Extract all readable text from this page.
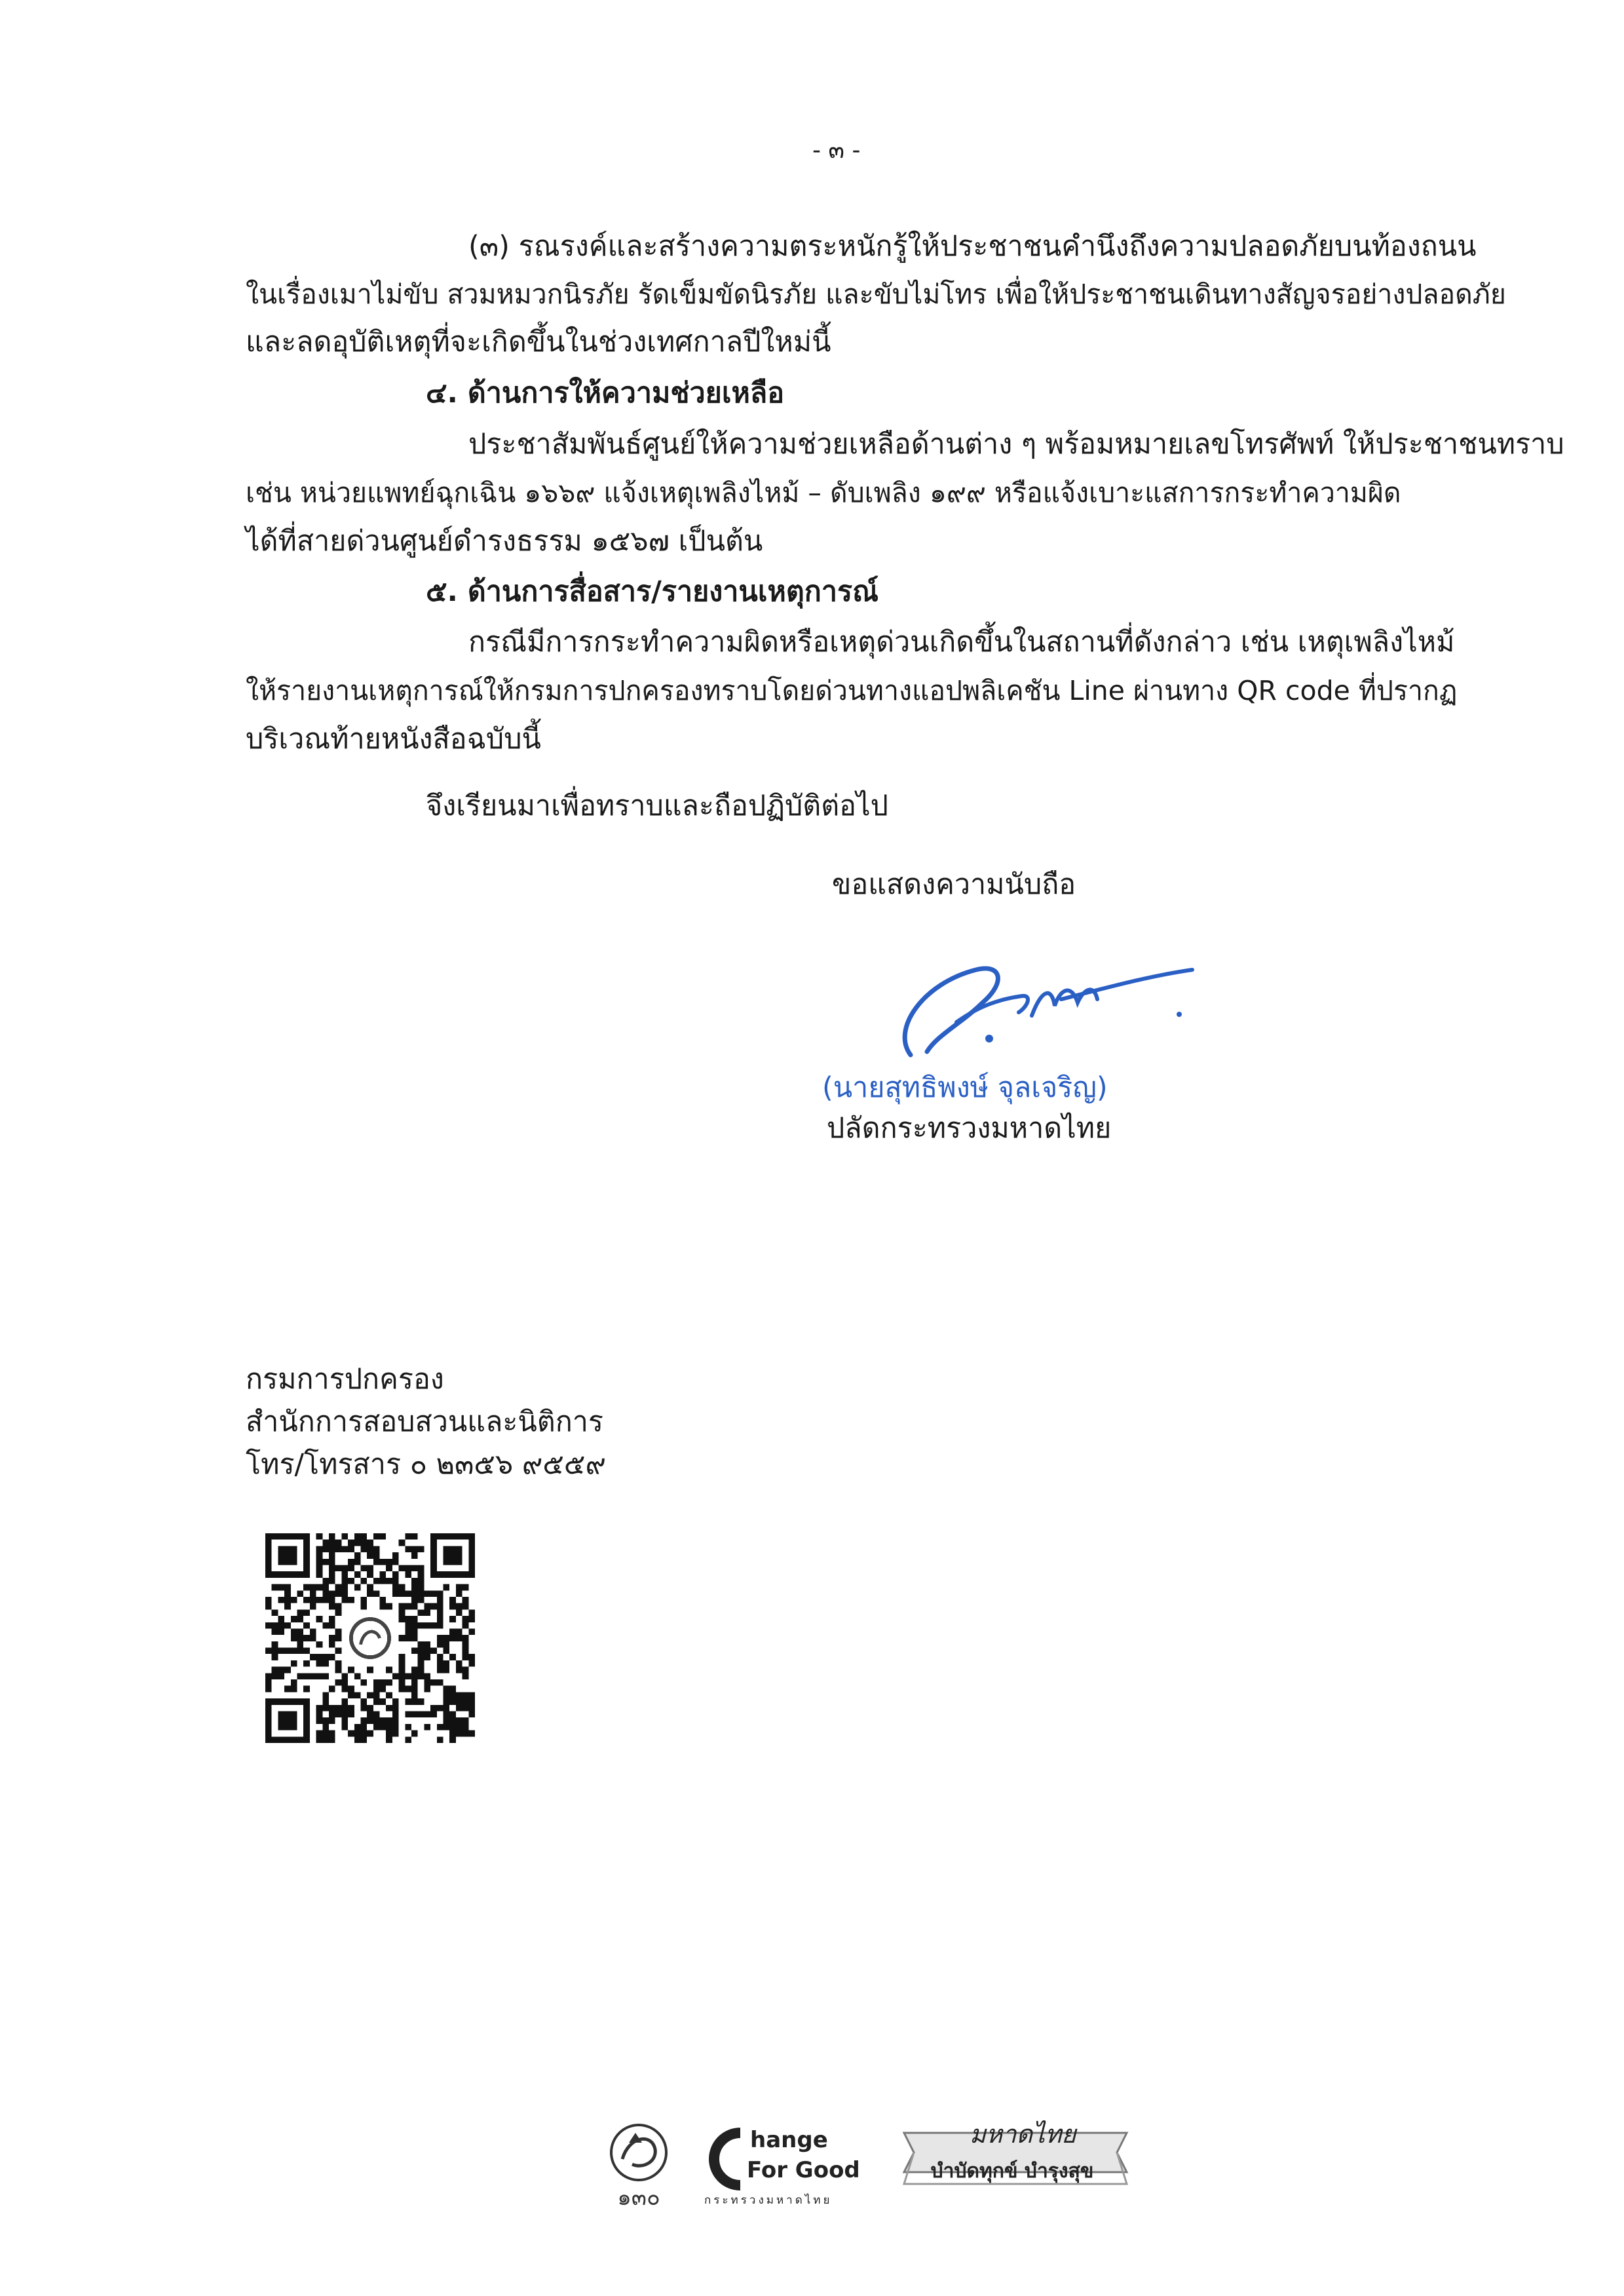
- ๓ -
(๓) รณรงค์และสร้างความตระหนักรู้ให้ประชาชนคำนึงถึงความปลอดภัยบนท้องถนน
ในเรื่องเมาไม่ขับ สวมหมวกนิรภัย รัดเข็มขัดนิรภัย และขับไม่โทร เพื่อให้ประชาชนเดินทางสัญจรอย่างปลอดภัย
และลดอุบัติเหตุที่จะเกิดขึ้นในช่วงเทศกาลปีใหม่นี้
๔. ด้านการให้ความช่วยเหลือ
ประชาสัมพันธ์ศูนย์ให้ความช่วยเหลือด้านต่าง ๆ พร้อมหมายเลขโทรศัพท์ ให้ประชาชนทราบ
เช่น หน่วยแพทย์ฉุกเฉิน ๑๖๖๙ แจ้งเหตุเพลิงไหม้ – ดับเพลิง ๑๙๙ หรือแจ้งเบาะแสการกระทำความผิด
ได้ที่สายด่วนศูนย์ดำรงธรรม ๑๕๖๗ เป็นต้น
๕. ด้านการสื่อสาร/รายงานเหตุการณ์
กรณีมีการกระทำความผิดหรือเหตุด่วนเกิดขึ้นในสถานที่ดังกล่าว เช่น เหตุเพลิงไหม้
ให้รายงานเหตุการณ์ให้กรมการปกครองทราบโดยด่วนทางแอปพลิเคชัน Line ผ่านทาง QR code ที่ปรากฏ
บริเวณท้ายหนังสือฉบับนี้
จึงเรียนมาเพื่อทราบและถือปฏิบัติต่อไป
ขอแสดงความนับถือ
(นายสุทธิพงษ์ จุลเจริญ)
ปลัดกระทรวงมหาดไทย
กรมการปกครอง
สำนักการสอบสวนและนิติการ
โทร/โทรสาร ๐ ๒๓๕๖ ๙๕๕๙
๑๓๐
hange
For Good
กระทรวงมหาดไทย
มหาดไทย
บำบัดทุกข์ บำรุงสุข
